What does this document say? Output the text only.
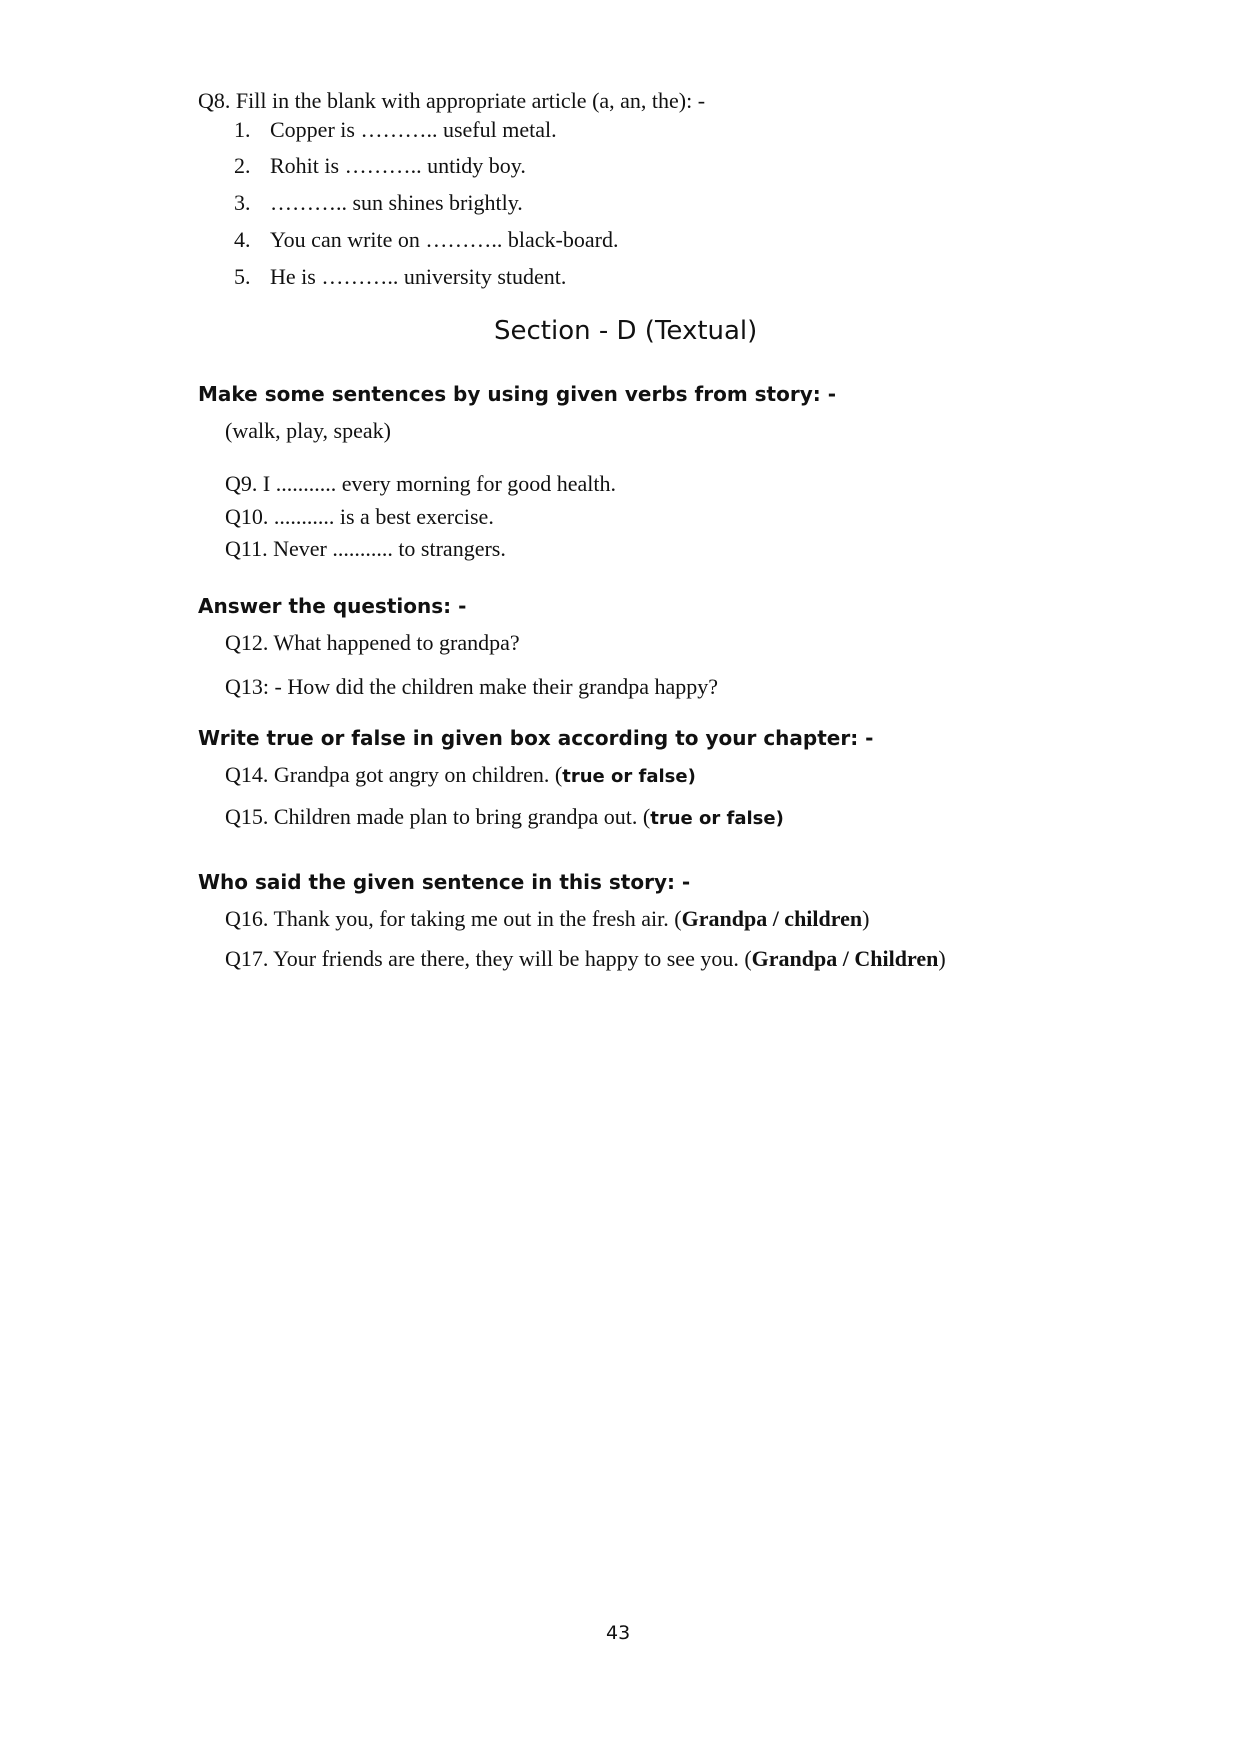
Q8. Fill in the blank with appropriate article (a, an, the): -
1. Copper is ……….. useful metal.
2. Rohit is ……….. untidy boy.
3. ……….. sun shines brightly.
4. You can write on ……….. black-board.
5. He is ……….. university student.
Section - D (Textual)
Make some sentences by using given verbs from story: -
(walk, play, speak)
Q9. I ........... every morning for good health.
Q10. ........... is a best exercise.
Q11. Never ........... to strangers.
Answer the questions: -
Q12. What happened to grandpa?
Q13: - How did the children make their grandpa happy?
Write true or false in given box according to your chapter: -
Q14. Grandpa got angry on children. (true or false)
Q15. Children made plan to bring grandpa out. (true or false)
Who said the given sentence in this story: -
Q16. Thank you, for taking me out in the fresh air. (Grandpa / children)
Q17. Your friends are there, they will be happy to see you. (Grandpa / Children)
43
